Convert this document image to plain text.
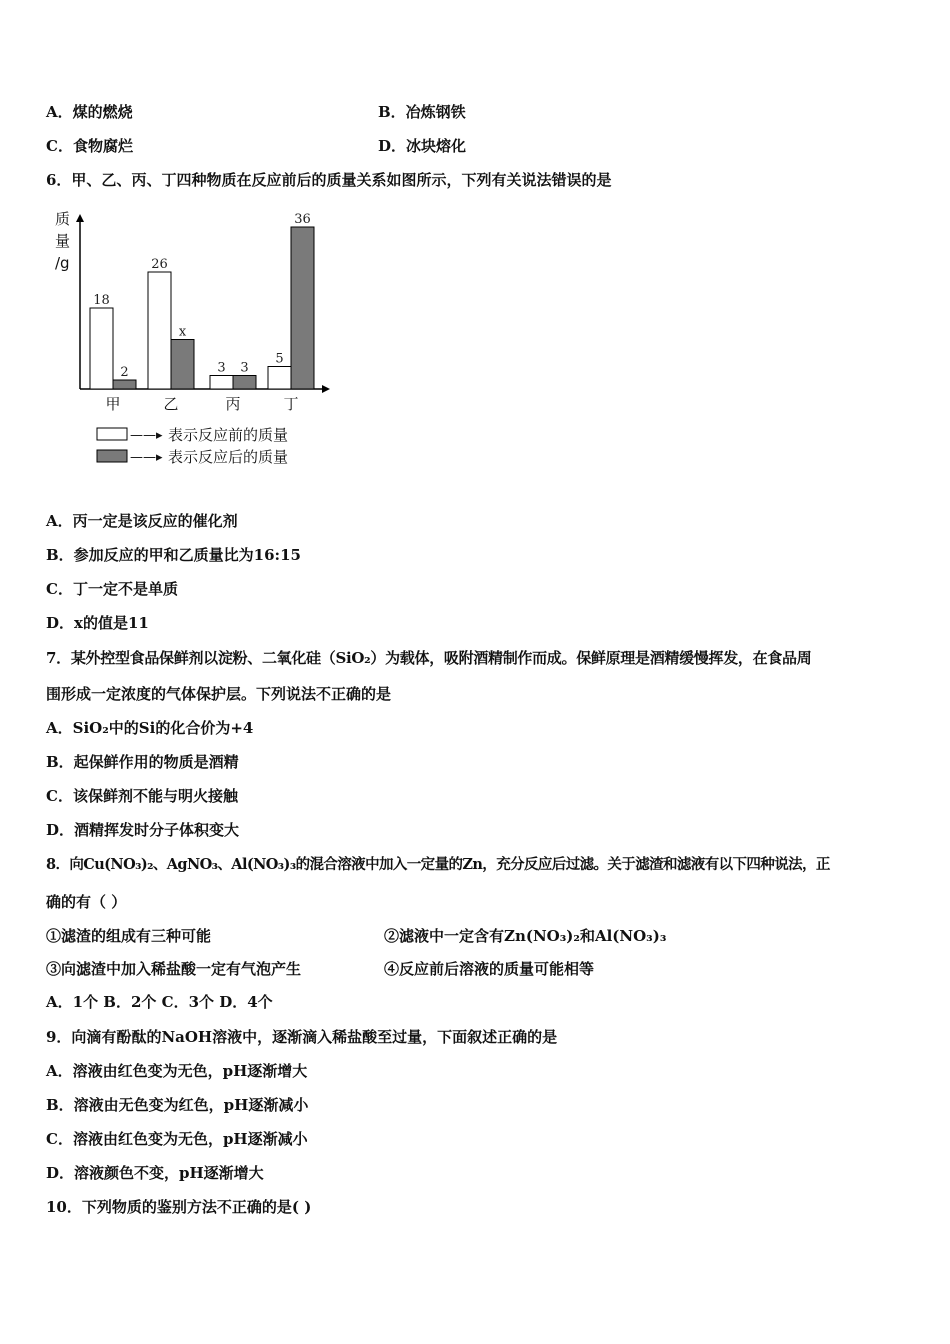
A．煤的燃烧	B．冶炼钢铁
C．食物腐烂	D．冰块熔化
6．甲、乙、丙、丁四种物质在反应前后的质量关系如图所示，下列有关说法错误的是
质
量
/g
甲	乙	丙	丁
18
2
26
x
3 3
5
36
——▸ 表示反应前的质量
——▸ 表示反应后的质量
A．丙一定是该反应的催化剂
B．参加反应的甲和乙质量比为16:15
C．丁一定不是单质
D．x的值是11
7．某外控型食品保鲜剂以淀粉、二氧化硅（SiO₂）为载体，吸附酒精制作而成。保鲜原理是酒精缓慢挥发，在食品周
围形成一定浓度的气体保护层。下列说法不正确的是
A．SiO₂中的Si的化合价为+4
B．起保鲜作用的物质是酒精
C．该保鲜剂不能与明火接触
D．酒精挥发时分子体积变大
8．向Cu(NO₃)₂、AgNO₃、Al(NO₃)₃的混合溶液中加入一定量的Zn，充分反应后过滤。关于滤渣和滤液有以下四种说法，正
确的有（ ）
①滤渣的组成有三种可能	②滤液中一定含有Zn(NO₃)₂和Al(NO₃)₃
③向滤渣中加入稀盐酸一定有气泡产生	④反应前后溶液的质量可能相等
A．1个 B．2个 C．3个 D．4个
9．向滴有酚酞的NaOH溶液中，逐渐滴入稀盐酸至过量，下面叙述正确的是
A．溶液由红色变为无色，pH逐渐增大
B．溶液由无色变为红色，pH逐渐减小
C．溶液由红色变为无色，pH逐渐减小
D．溶液颜色不变，pH逐渐增大
10．下列物质的鉴别方法不正确的是( )
